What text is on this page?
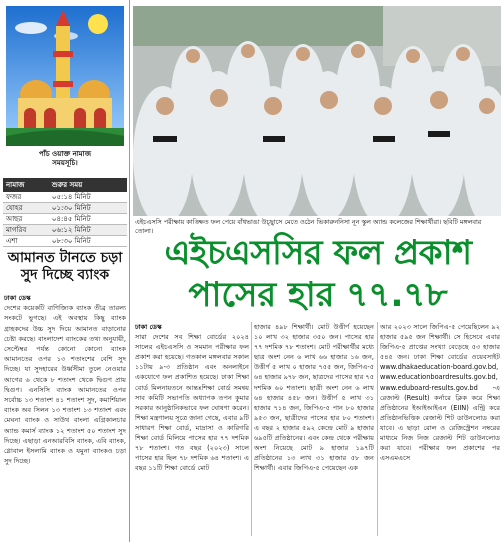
পাঁচ ওয়াক্ত নামাজ
সময়সূচি।
নামাজ	শুরুর সময়
ফজর	০৫:১৪ মিনিট
যোহর	০১:৩০ মিনিট
আছর	০৪:৪৫ মিনিট
মাগরিব	০৬:১২ মিনিট
এশা	০৮:৩০ মিনিট
আমানত টানতে চড়া
সুদ দিচ্ছে ব্যাংক
ঢাকা ডেস্ক
দেশের কয়েকটি বাণিজ্যিক ব্যাংক তীব্র তারল্য সংকটে ভুগছে। এই অবস্থায় কিছু ব্যাংক গ্রাহকদের উচ্চ সুদ দিয়ে আমানত বাড়ানোর চেষ্টা করছে। বাংলাদেশ ব্যাংকের তথ্য অনুযায়ী, সেপ্টেম্বর পর্যন্ত কোনো কোনো ব্যাংক আমানতের ওপর ১৩ শতাংশের বেশি সুদ দিচ্ছে। যা সুদহারের উর্ধ্বসীমা তুলে নেওয়ার আগের ৬ থেকে ৮ শতাংশ থেকে দ্বিগুণ প্রায় দ্বিগুণ। এনসিসি ব্যাংক আমানতের ওপর সর্বোচ্চ ১৩ শতাংশ ৪১ শতাংশ সুদ, কমার্শিয়াল ব্যাংক অব সিলন ১৩ শতাংশ ১৩ শতাংশ এবং মেঘনা ব্যাংক ও সাউথ বাংলা এগ্রিকালচার অ্যান্ড কমার্স ব্যাংক ১২ শতাংশ ৫০ শতাংশ সুদ দিচ্ছে। এছাড়া এনআরবিসি ব্যাংক, এবি ব্যাংক, গ্লোবাল ইসলামি ব্যাংক ও যমুনা ব্যাংকও চড়া সুদ দিচ্ছে।
এইচএসসি পরীক্ষায় কাঙ্ক্ষিত ফল পেয়ে বাঁধভাঙা উচ্ছ্বাসে মেতে ওঠেন ভিকারুননিসা নূন স্কুল অ্যান্ড কলেজের শিক্ষার্থীরা। ছবিটি মঙ্গলবার তোলা।
এইচএসসির ফল প্রকাশ
পাসের হার ৭৭.৭৮
ঢাকা ডেস্ক
সারা দেশের সব শিক্ষা বোর্ডের ২০২৪ সালের এইচএসসি ও সমমান পরীক্ষার ফল প্রকাশ করা হয়েছে। গতকাল মঙ্গলবার সকাল ১১টায় ৯-৩ প্রতিষ্ঠান এবং অনলাইনে একযোগে ফল প্রকাশিত হয়েছে। ঢাকা শিক্ষা বোর্ড মিলনায়তনে আন্তঃশিক্ষা বোর্ড সমন্বয় সাব কমিটি সভাপতি অধ্যাপক তপন কুমার সরকার আনুষ্ঠানিকভাবে ফল ঘোষণা করেন। শিক্ষা মন্ত্রণালয় সূত্রে জানা গেছে, এবার ৯টি সাধারণ শিক্ষা বোর্ড, মাদ্রাসা ও কারিগরি শিক্ষা বোর্ড মিলিয়ে পাসের হার ৭৭ দশমিক ৭৮ শতাংশ। গত বছর (২০২৩) সালে পাসের হার ছিল ৭৮ দশমিক ৬৪ শতাংশ। এ বছর ১১টি শিক্ষা বোর্ডে মোট
হাজার ৪৯৮ শিক্ষার্থী। মোট উত্তীর্ণ হয়েছেন ১০ লাখ ৩২ হাজার ৩৫০ জন। পাসের হার ৭৭ দশমিক ৭৮ শতাংশ। মোট পরীক্ষার্থীর মধ্যে ছাত্র অংশ নেন ৬ লাখ ৬৬ হাজার ১৬ জন, উত্তীর্ণ ৫ লাখ ০ হাজার ৭৫৫ জন, জিপিএ-৫ ৬৪ হাজার ৯৭৮ জন, ছাত্রদের পাসের হার ৭৫ দশমিক ৬০ শতাংশ। ছাত্রী অংশ নেন ৬ লাখ ৬৪ হাজার ৪৫৮ জন। উত্তীর্ণ ৫ লাখ ৩১ হাজার ৭১৪ জন, জিপিএ-৫ পান ৮০ হাজার ৯৫৩ জন, ছাত্রীদের পাসের হার ৮০ শতাংশ। এ বছর ২ হাজার ৫৯২ কেন্দ্রে মোট ৯ হাজার ৬৯৫টি প্রতিষ্ঠানের। এবং কেন্দ্র থেকে পরীক্ষায় অংশ নিয়েছে মোট ৯ হাজার ১৯৭টি প্রতিষ্ঠানের ১৩ লাখ ৩১ হাজার ৫৮ জন শিক্ষার্থী। এবার জিপিএ-৫ পেয়েছেন এক
আর ২০২৩ সালে জিপিএ-৫ পেয়েছিলেন ৯২ হাজার ৫৯৫ জন শিক্ষার্থী। সে হিসেবে এবার জিপিএ-৫ প্রাপ্তের সংখ্যা বেড়েছে ৫৩ হাজার ৫৪৫ জন। ঢাকা শিক্ষা বোর্ডের ওয়েবসাইট www.dhakaeducation-board.gov.bd, www.educationboardresults.gov.bd, www.eduboard-results.gov.bd -এ রেজাল্ট (Result) কর্নারে ক্লিক করে শিক্ষা প্রতিষ্ঠানের ইআইআইএন (EIIN) এন্ট্রি করে প্রতিষ্ঠানভিত্তিক রেজাল্ট শিট ডাউনলোড করা যাবে। এ ছাড়া রোল ও রেজিস্ট্রেশন নম্বরের মাধ্যমে নিজ নিজ রেজাল্ট শিট ডাউনলোড করা যাবে। পরীক্ষার ফল প্রকাশের পর এসএমএসে
